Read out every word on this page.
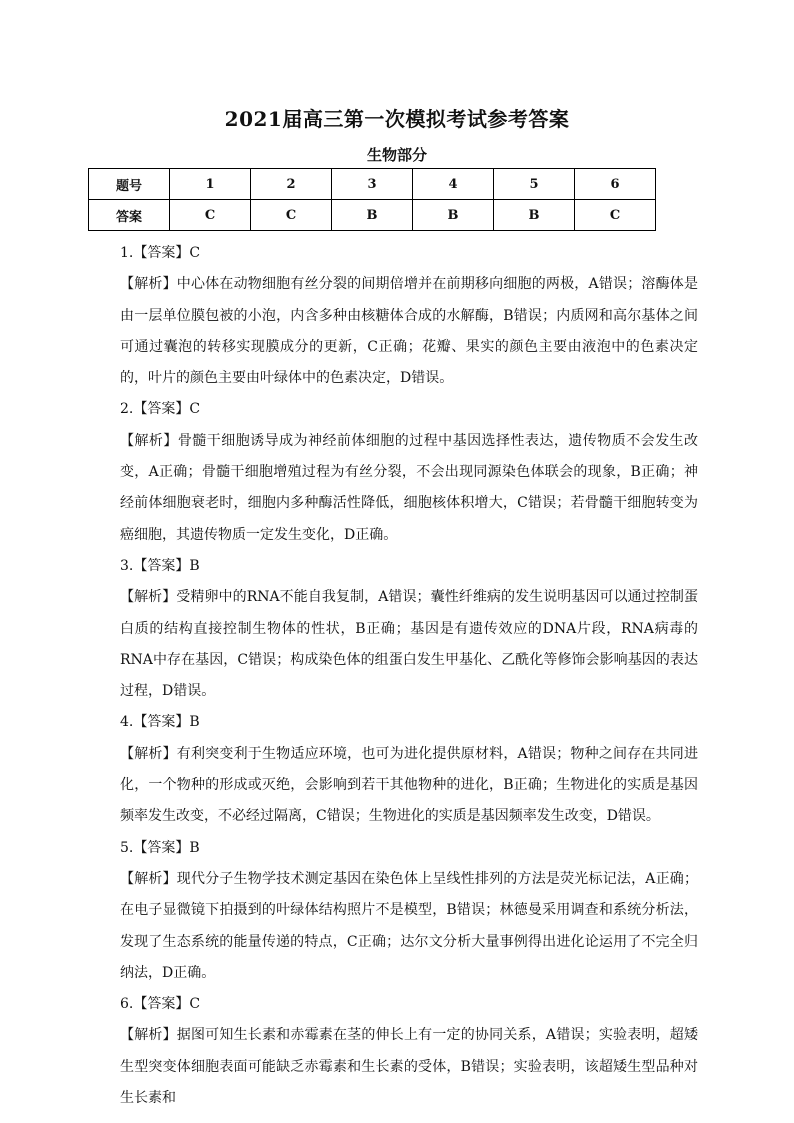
2021届高三第一次模拟考试参考答案
生物部分
题号	1	2	3	4	5	6
答案	C	C	B	B	B	C
1.【答案】C
【解析】中心体在动物细胞有丝分裂的间期倍增并在前期移向细胞的两极，A错误；溶酶体是由一层单位膜包被的小泡，内含多种由核糖体合成的水解酶，B错误；内质网和高尔基体之间可通过囊泡的转移实现膜成分的更新，C正确；花瓣、果实的颜色主要由液泡中的色素决定的，叶片的颜色主要由叶绿体中的色素决定，D错误。
2.【答案】C
【解析】骨髓干细胞诱导成为神经前体细胞的过程中基因选择性表达，遗传物质不会发生改变，A正确；骨髓干细胞增殖过程为有丝分裂，不会出现同源染色体联会的现象，B正确；神经前体细胞衰老时，细胞内多种酶活性降低，细胞核体积增大，C错误；若骨髓干细胞转变为癌细胞，其遗传物质一定发生变化，D正确。
3.【答案】B
【解析】受精卵中的RNA不能自我复制，A错误；囊性纤维病的发生说明基因可以通过控制蛋白质的结构直接控制生物体的性状，B正确；基因是有遗传效应的DNA片段，RNA病毒的RNA中存在基因，C错误；构成染色体的组蛋白发生甲基化、乙酰化等修饰会影响基因的表达过程，D错误。
4.【答案】B
【解析】有利突变利于生物适应环境，也可为进化提供原材料，A错误；物种之间存在共同进化，一个物种的形成或灭绝，会影响到若干其他物种的进化，B正确；生物进化的实质是基因频率发生改变，不必经过隔离，C错误；生物进化的实质是基因频率发生改变，D错误。
5.【答案】B
【解析】现代分子生物学技术测定基因在染色体上呈线性排列的方法是荧光标记法，A正确；在电子显微镜下拍摄到的叶绿体结构照片不是模型，B错误；林德曼采用调查和系统分析法，发现了生态系统的能量传递的特点，C正确；达尔文分析大量事例得出进化论运用了不完全归纳法，D正确。
6.【答案】C
【解析】据图可知生长素和赤霉素在茎的伸长上有一定的协同关系，A错误；实验表明，超矮生型突变体细胞表面可能缺乏赤霉素和生长素的受体，B错误；实验表明，该超矮生型品种对生长素和
